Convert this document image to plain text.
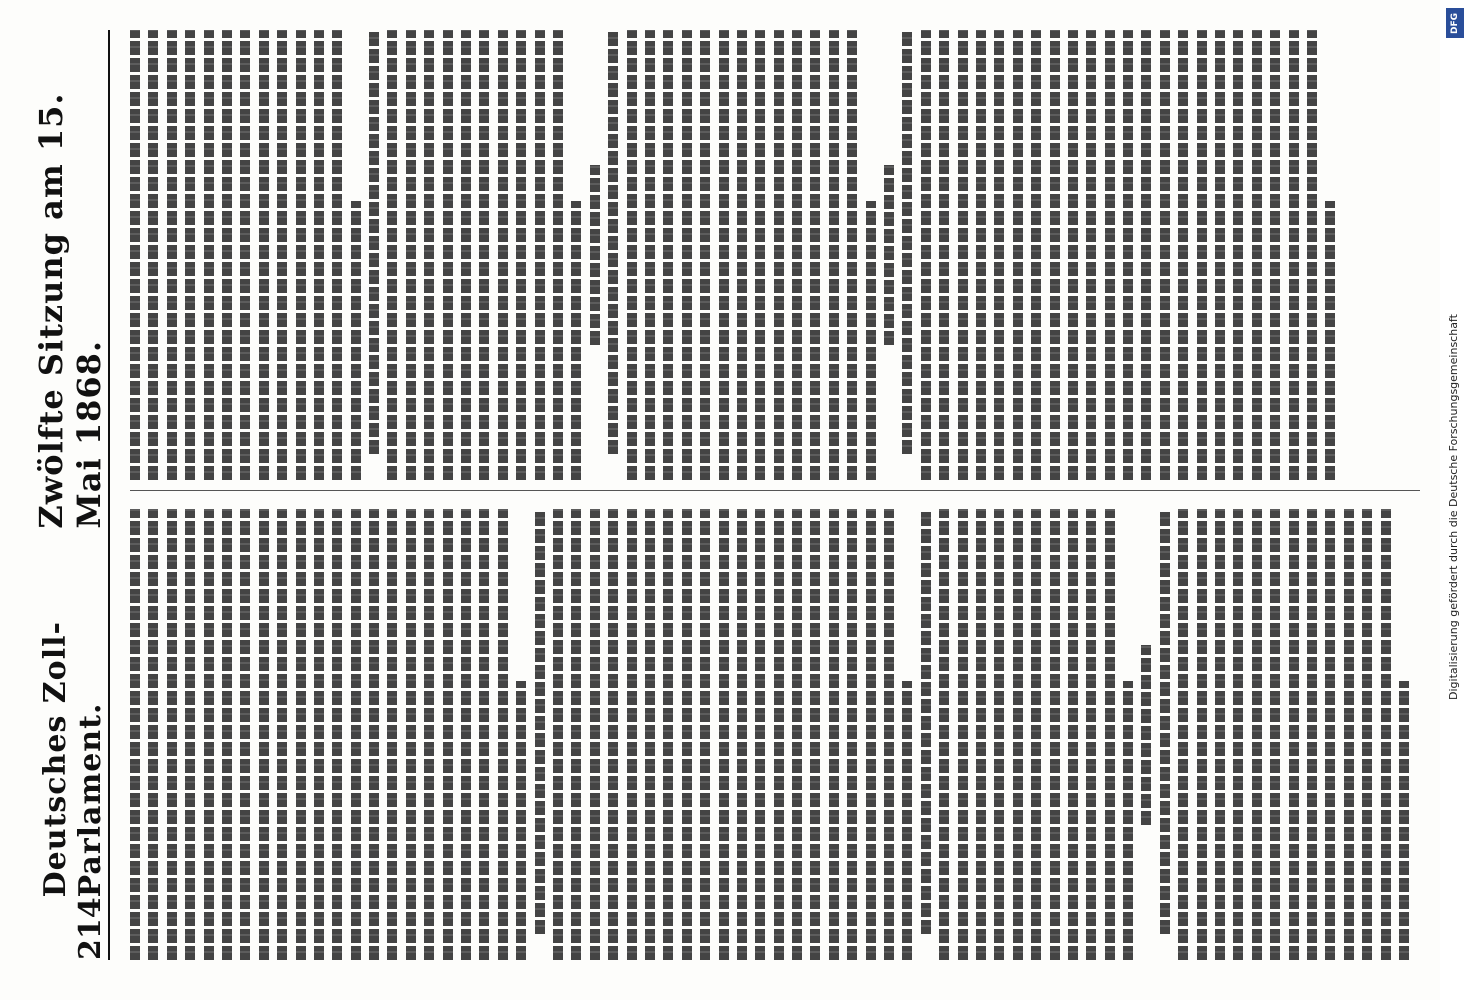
214
Deutsches Zoll-Parlament.
Zwölfte Sitzung am 15. Mai 1868.
DFG
Digitalisierung gefördert durch die Deutsche Forschungsgemeinschaft
